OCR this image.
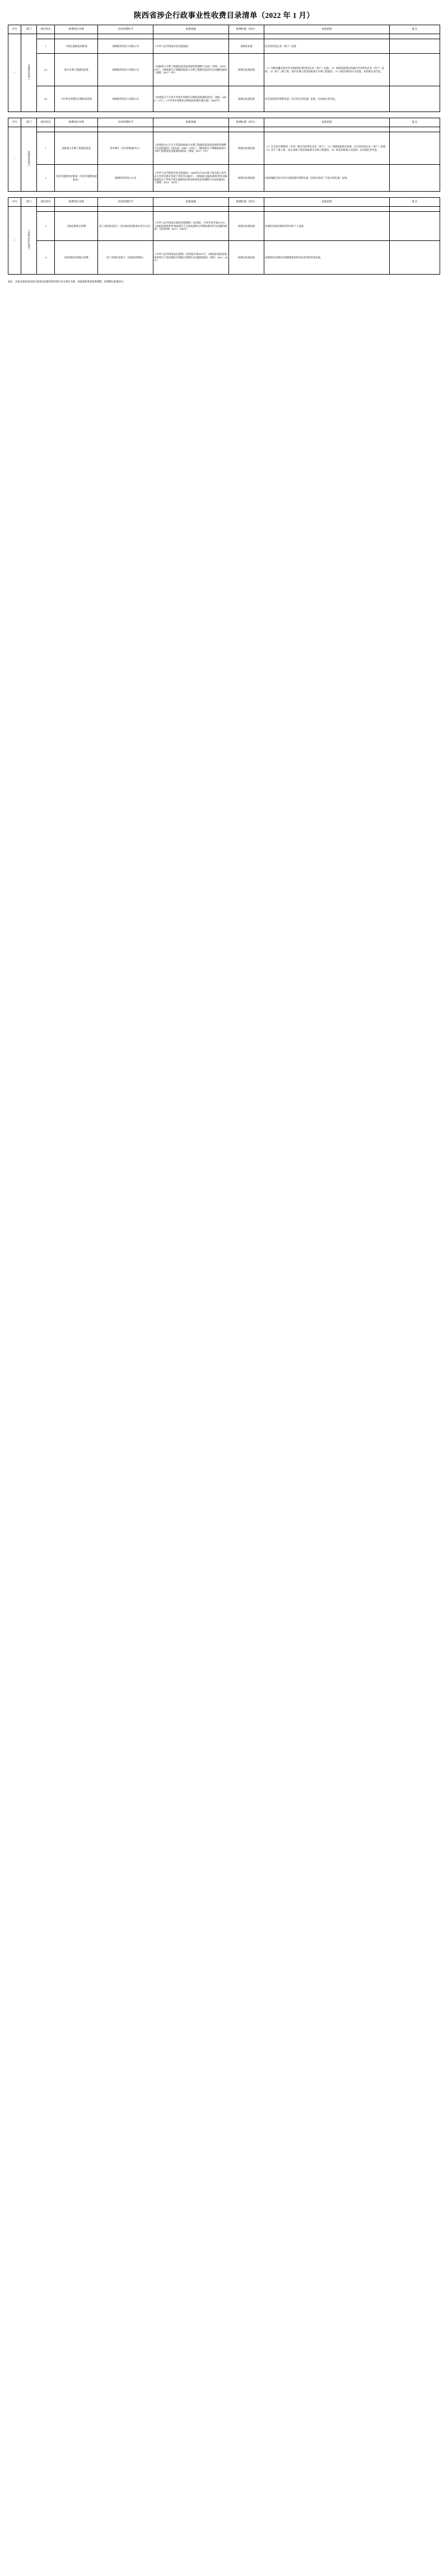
陕西省涉企行政事业性收费目录清单（2022 年 1 月）
序号	部门	项目单位	收费项目名称	具体管理环节	政策依据	收费标准（单位）	征收范围	备 注
一	发展改革部门							
		1	可再生能源电价附加	国网陕西省电力有限公司	《中华人民共和国可再生能源法》	按规定标准	向全省用电企业（用户）征收	
		(1)	重大水利工程建设基金	国网陕西省电力有限公司	《国家重大水利工程建设基金征收使用管理暂行办法》（财综〔2010〕43号）；《财政部关于明确国家重大水利工程建设基金有关问题的通知》（财税〔2017〕9号）	按规定标准征收	（1）对除西藏自治区外全国范围内的用电企业（用户）征收；（2）按照国家规定标准向全省用电企业（用户）征收；（3）用于三峡工程、南水北调工程等国家重大水利工程建设；（4）按电价附加方式征收，由电网企业代征。	
		(2)	大中型水库移民后期扶持基金	国网陕西省电力有限公司	《国务院关于完善大中型水库移民后期扶持政策的意见》（国发〔2006〕17号）；《大中型水库移民后期扶持政策实施方案》（2007年）	按规定标准征收	对全省范围内销售电量（含自发自用电量）征收，由电网企业代征。	
序号	部门	项目单位	收费项目名称	具体管理环节	政策依据	收费标准（单位）	征收范围	备 注
一	发展改革部门							
		1	国家重大水利工程建设基金	省水利厅（省水利发展中心）	《国务院办公厅关于印发国家重大水利工程建设基金征收使用管理暂行办法的通知》（国办函〔2009〕118号）；《财政部关于明确国家重大水利工程建设基金政策的通知》（财税〔2017〕9号）	按规定标准征收	（1）在全省水利枢纽（水库）辖区内的用电企业（用户）；（2）按照国家规定标准，向全省用电企业（用户）征收；（3）用于三峡工程、南水北调工程等国家重大水利工程建设；（4）按电价附加方式征收，由电网企业代征。	
		2	可再生能源电价附加（可再生能源发展基金）	国网陕西省电力公司	《中华人民共和国可再生能源法》（2005年2月28日第十届全国人民代表大会常务委员会第十四次会议通过）；《财政部 国家发展改革委 国家能源局关于印发可再生能源电价附加补助资金管理暂行办法的通知》（财建〔2012〕102号）	按规定标准征收	向除西藏自治区以外全国范围内销售电量（包括自备电厂自发自用电量）征收。	
序号	部门	项目单位	收费项目名称	具体管理环节	政策依据	收费标准（单位）	征收范围	备 注
二	工业和信息化部门							
		3	无线电频率占用费	省工业和信息化厅（省无线电管理委员会办公室）	《中华人民共和国无线电管理条例》（国务院、中央军委令第672号）；《国家发展改革委 财政部关于无线电频率占用费标准等有关问题的通知》（发改价格〔2017〕1186号）	按规定标准征收	对使用无线电频率的单位和个人征收。	
		4	电信网码号资源占用费	省工业和信息化厅（省通信管理局）	《中华人民共和国电信条例》（国务院令第291号）；《财政部 国家发展改革委关于电信网码号资源占用费有关问题的通知》（财综〔2011〕68号）	按规定标准征收	对取得电信网码号资源使用权的电信业务经营者征收。	
备注：具体征收标准及执行政策以国家和我省现行有关规定为准，如国家和我省政策调整，按调整后政策执行。
